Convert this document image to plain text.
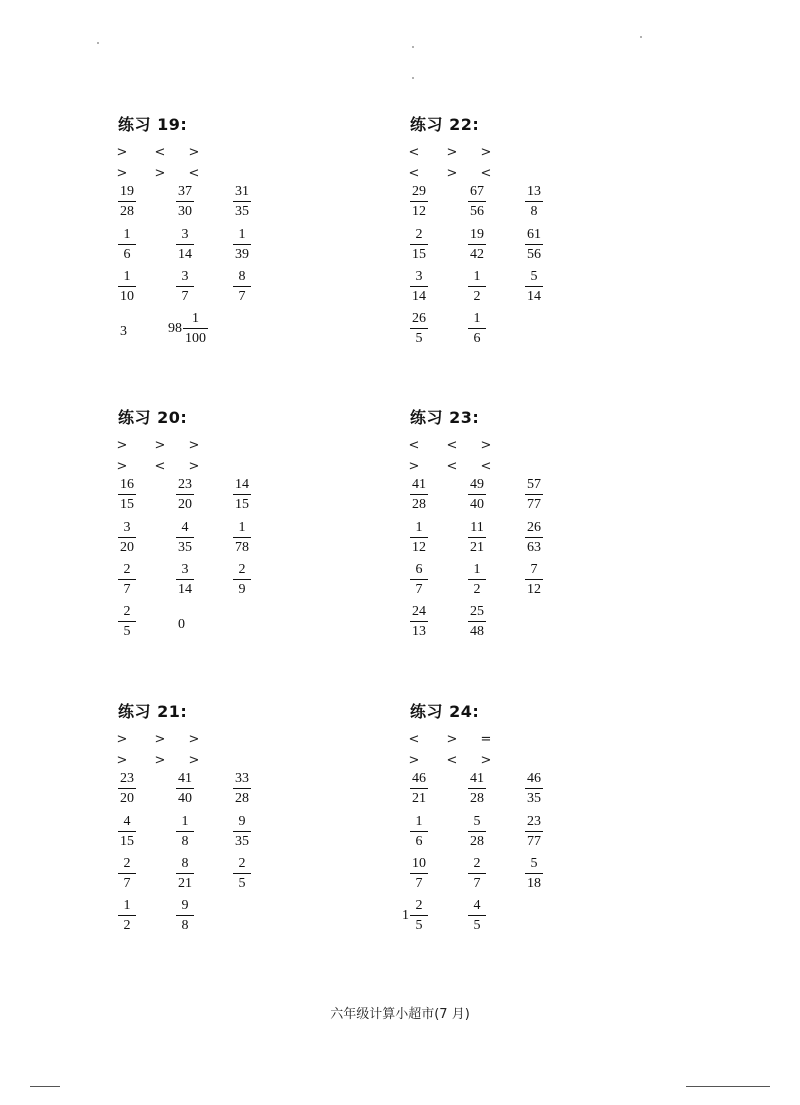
练习 19:
>	<	>
>	>	<
$\frac{19}{28}$	$\frac{37}{30}$	$\frac{31}{35}$
$\frac{1}{6}$	$\frac{3}{14}$	$\frac{1}{39}$
$\frac{1}{10}$	$\frac{3}{7}$	$\frac{8}{7}$
3	$98 \frac{1}{100}$
练习 20:
>	>	>
>	<	>
$\frac{16}{15}$	$\frac{23}{20}$	$\frac{14}{15}$
$\frac{3}{20}$	$\frac{4}{35}$	$\frac{1}{78}$
$\frac{2}{7}$	$\frac{3}{14}$	$\frac{2}{9}$
$\frac{2}{5}$	0
练习 21:
>	>	>
>	>	>
$\frac{23}{20}$	$\frac{41}{40}$	$\frac{33}{28}$
$\frac{4}{15}$	$\frac{1}{8}$	$\frac{9}{35}$
$\frac{2}{7}$	$\frac{8}{21}$	$\frac{2}{5}$
$\frac{1}{2}$	$\frac{9}{8}$
练习 22:
<	>	>
<	>	<
$\frac{29}{12}$	$\frac{67}{56}$	$\frac{13}{8}$
$\frac{2}{15}$	$\frac{19}{42}$	$\frac{61}{56}$
$\frac{3}{14}$	$\frac{1}{2}$	$\frac{5}{14}$
$\frac{26}{5}$	$\frac{1}{6}$
练习 23:
<	<	>
>	<	<
$\frac{41}{28}$	$\frac{49}{40}$	$\frac{57}{77}$
$\frac{1}{12}$	$\frac{11}{21}$	$\frac{26}{63}$
$\frac{6}{7}$	$\frac{1}{2}$	$\frac{7}{12}$
$\frac{24}{13}$	$\frac{25}{48}$
练习 24:
<	>	=
>	<	>
$\frac{46}{21}$	$\frac{41}{28}$	$\frac{46}{35}$
$\frac{1}{6}$	$\frac{5}{28}$	$\frac{23}{77}$
$\frac{10}{7}$	$\frac{2}{7}$	$\frac{5}{18}$
$1 \frac{2}{5}$	$\frac{4}{5}$
六年级计算小超市(7 月)
